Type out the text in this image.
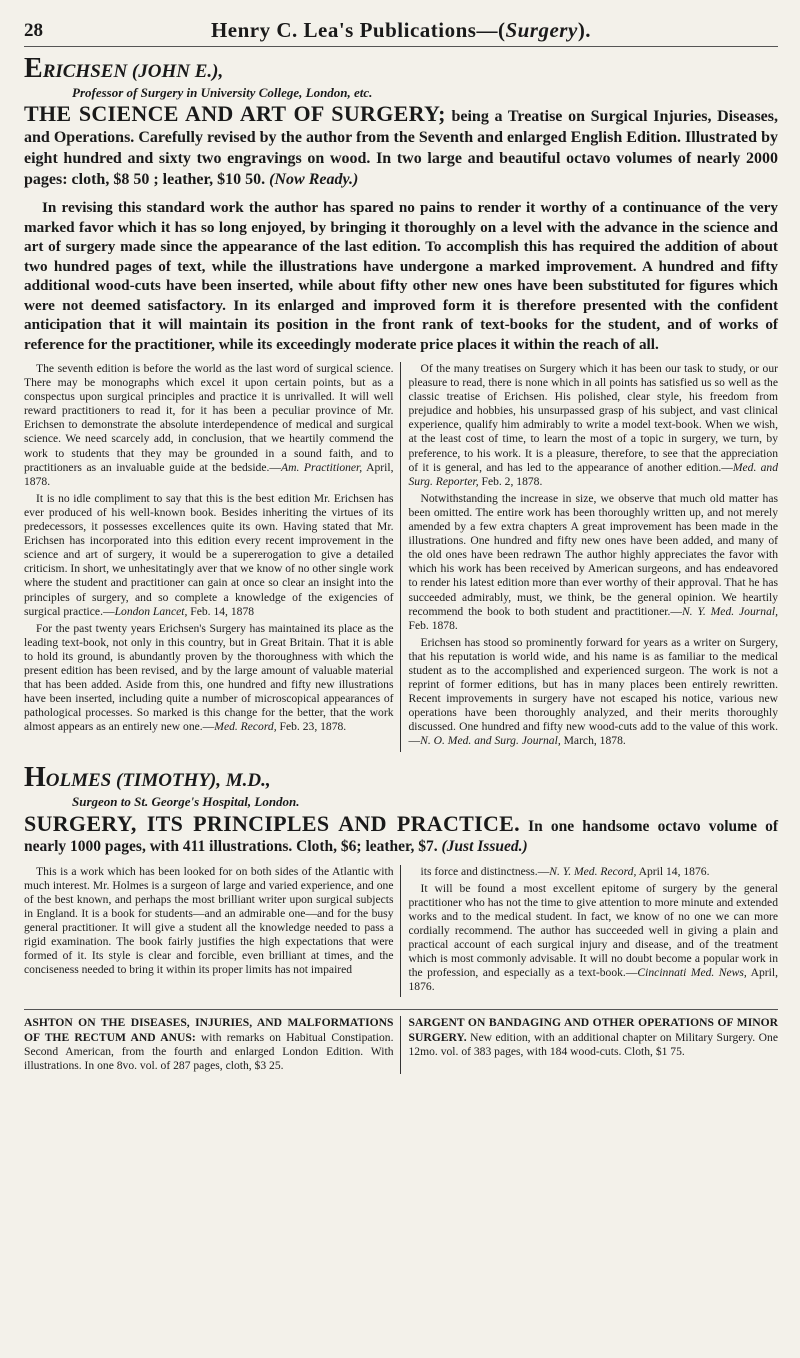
28	Henry C. Lea's Publications—(Surgery).
ERICHSEN (JOHN E.),
Professor of Surgery in University College, London, etc.
THE SCIENCE AND ART OF SURGERY; being a Treatise on Surgical Injuries, Diseases, and Operations. Carefully revised by the author from the Seventh and enlarged English Edition. Illustrated by eight hundred and sixty two engravings on wood. In two large and beautiful octavo volumes of nearly 2000 pages: cloth, $8 50 ; leather, $10 50. (Now Ready.)

In revising this standard work the author has spared no pains to render it worthy of a continuance of the very marked favor which it has so long enjoyed, by bringing it thoroughly on a level with the advance in the science and art of surgery made since the appearance of the last edition. To accomplish this has required the addition of about two hundred pages of text, while the illustrations have undergone a marked improvement. A hundred and fifty additional wood-cuts have been inserted, while about fifty other new ones have been substituted for figures which were not deemed satisfactory. In its enlarged and improved form it is therefore presented with the confident anticipation that it will maintain its position in the front rank of text-books for the student, and of works of reference for the practitioner, while its exceedingly moderate price places it within the reach of all.

The seventh edition is before the world as the last word of surgical science. There may be monographs which excel it upon certain points, but as a conspectus upon surgical principles and practice it is unrivalled. It will well reward practitioners to read it, for it has been a peculiar province of Mr. Erichsen to demonstrate the absolute interdependence of medical and surgical science. We need scarcely add, in conclusion, that we heartily commend the work to students that they may be grounded in a sound faith, and to practitioners as an invaluable guide at the bedside.—Am. Practitioner, April, 1878.

It is no idle compliment to say that this is the best edition Mr. Erichsen has ever produced of his well-known book. Besides inheriting the virtues of its predecessors, it possesses excellences quite its own. Having stated that Mr. Erichsen has incorporated into this edition every recent improvement in the science and art of surgery, it would be a supererogation to give a detailed criticism. In short, we unhesitatingly aver that we know of no other single work where the student and practitioner can gain at once so clear an insight into the principles of surgery, and so complete a knowledge of the exigencies of surgical practice.—London Lancet, Feb. 14, 1878

For the past twenty years Erichsen's Surgery has maintained its place as the leading text-book, not only in this country, but in Great Britain. That it is able to hold its ground, is abundantly proven by the thoroughness with which the present edition has been revised, and by the large amount of valuable material that has been added. Aside from this, one hundred and fifty new illustrations have been inserted, including quite a number of microscopical appearances of pathological processes. So marked is this change for the better, that the work almost appears as an entirely new one.—Med. Record, Feb. 23, 1878.

Of the many treatises on Surgery which it has been our task to study, or our pleasure to read, there is none which in all points has satisfied us so well as the classic treatise of Erichsen. His polished, clear style, his freedom from prejudice and hobbies, his unsurpassed grasp of his subject, and vast clinical experience, qualify him admirably to write a model text-book. When we wish, at the least cost of time, to learn the most of a topic in surgery, we turn, by preference, to his work. It is a pleasure, therefore, to see that the appreciation of it is general, and has led to the appearance of another edition.—Med. and Surg. Reporter, Feb. 2, 1878.

Notwithstanding the increase in size, we observe that much old matter has been omitted. The entire work has been thoroughly written up, and not merely amended by a few extra chapters A great improvement has been made in the illustrations. One hundred and fifty new ones have been added, and many of the old ones have been redrawn The author highly appreciates the favor with which his work has been received by American surgeons, and has endeavored to render his latest edition more than ever worthy of their approval. That he has succeeded admirably, must, we think, be the general opinion. We heartily recommend the book to both student and practitioner.—N. Y. Med. Journal, Feb. 1878.

Erichsen has stood so prominently forward for years as a writer on Surgery, that his reputation is world wide, and his name is as familiar to the medical student as to the accomplished and experienced surgeon. The work is not a reprint of former editions, but has in many places been entirely rewritten. Recent improvements in surgery have not escaped his notice, various new operations have been thoroughly analyzed, and their merits thoroughly discussed. One hundred and fifty new wood-cuts add to the value of this work.—N. O. Med. and Surg. Journal, March, 1878.

HOLMES (TIMOTHY), M.D.,
Surgeon to St. George's Hospital, London.
SURGERY, ITS PRINCIPLES AND PRACTICE. In one handsome octavo volume of nearly 1000 pages, with 411 illustrations. Cloth, $6; leather, $7. (Just Issued.)

This is a work which has been looked for on both sides of the Atlantic with much interest. Mr. Holmes is a surgeon of large and varied experience, and one of the best known, and perhaps the most brilliant writer upon surgical subjects in England. It is a book for students—and an admirable one—and for the busy general practitioner. It will give a student all the knowledge needed to pass a rigid examination. The book fairly justifies the high expectations that were formed of it. Its style is clear and forcible, even brilliant at times, and the conciseness needed to bring it within its proper limits has not impaired

its force and distinctness.—N. Y. Med. Record, April 14, 1876.

It will be found a most excellent epitome of surgery by the general practitioner who has not the time to give attention to more minute and extended works and to the medical student. In fact, we know of no one we can more cordially recommend. The author has succeeded well in giving a plain and practical account of each surgical injury and disease, and of the treatment which is most commonly advisable. It will no doubt become a popular work in the profession, and especially as a text-book.—Cincinnati Med. News, April, 1876.

ASHTON ON THE DISEASES, INJURIES, AND MALFORMATIONS OF THE RECTUM AND ANUS: with remarks on Habitual Constipation. Second American, from the fourth and enlarged London Edition. With illustrations. In one 8vo. vol. of 287 pages, cloth, $3 25.
SARGENT ON BANDAGING AND OTHER OPERATIONS OF MINOR SURGERY. New edition, with an additional chapter on Military Surgery. One 12mo. vol. of 383 pages, with 184 wood-cuts. Cloth, $1 75.
